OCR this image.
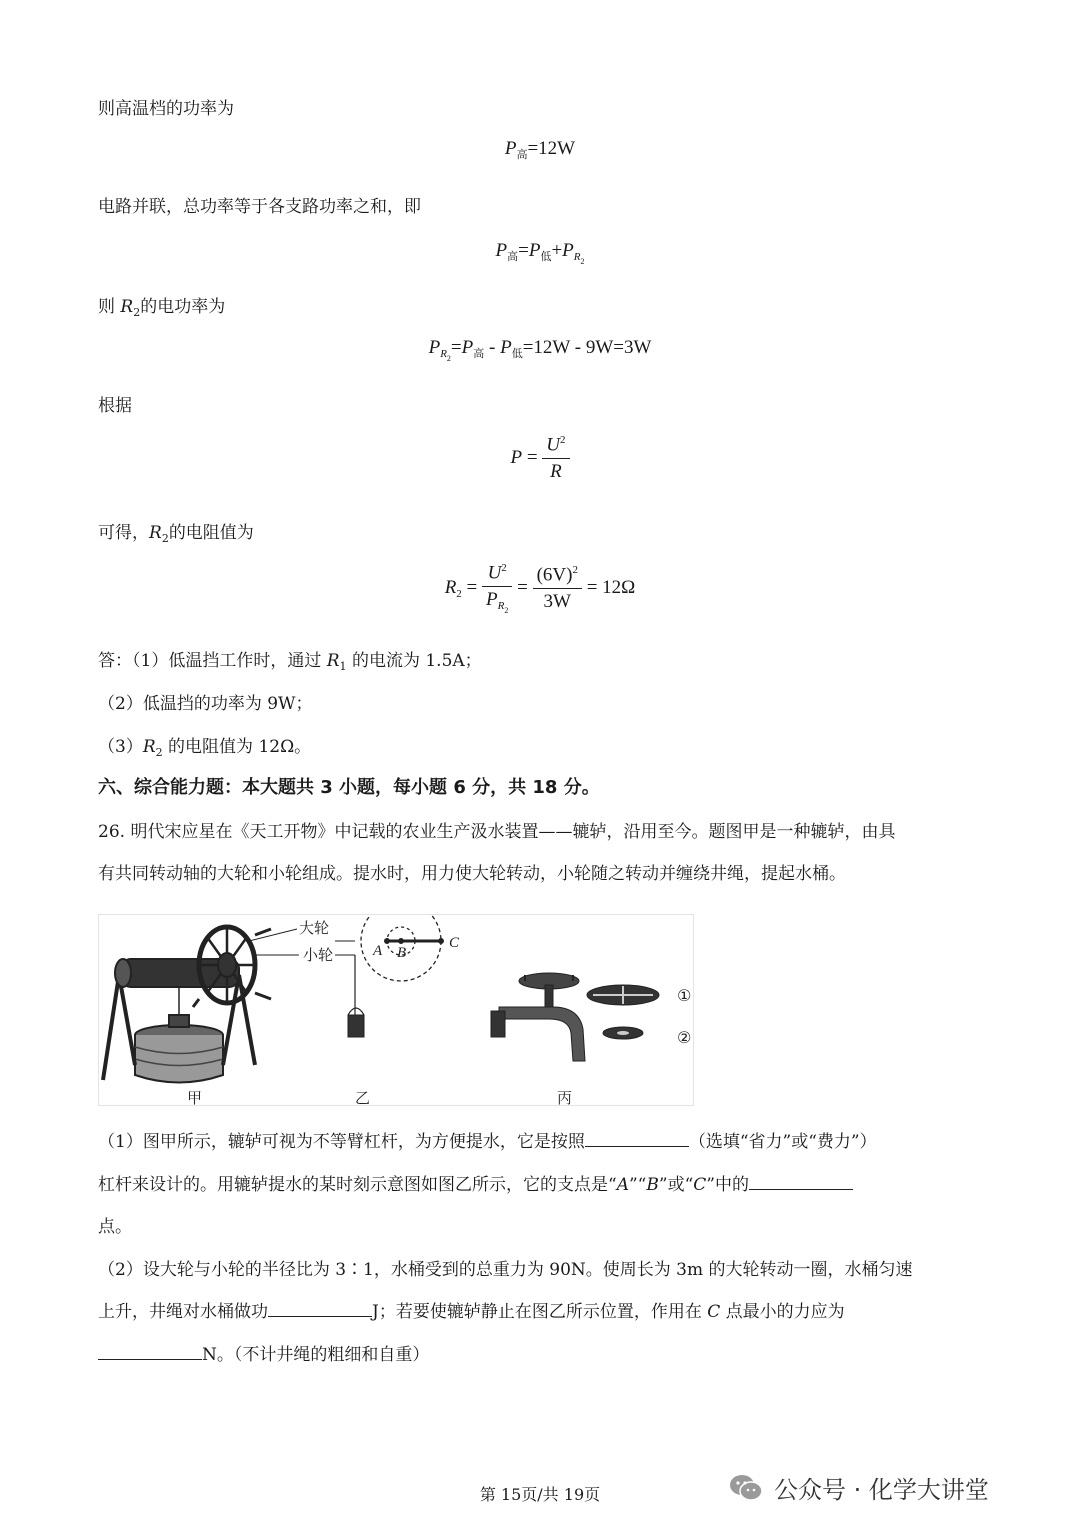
则高温档的功率为
$P_高=12W$
电路并联，总功率等于各支路功率之和，即
$P_高=P_低+P_{R_2}$
则 $R_2$的电功率为
$P_{R_2}=P_高 - P_低=12W - 9W=3W$
根据
$P = \frac{U^2}{R}$
可得，$R_2$的电阻值为
$R_2 = \frac{U^2}{P_{R_2}} = \frac{(6V)^2}{3W} = 12\Omega$
答：（1）低温挡工作时，通过 $R_1$ 的电流为 1.5A；
（2）低温挡的功率为 9W；
$(3)R_2$ 的电阻值为 12Ω。
六、综合能力题：本大题共 3 小题，每小题 6 分，共 18 分。
26. 明代宋应星在《天工开物》中记载的农业生产汲水装置——辘轳，沿用至今。题图甲是一种辘轳，由具
有共同转动轴的大轮和小轮组成。提水时，用力使大轮转动，小轮随之转动并缠绕井绳，提起水桶。
大轮
小轮	A B
C
①
②
甲	乙	丙
（1）图甲所示，辘轳可视为不等臂杠杆，为方便提水，它是按照	（选填“省力”或“费力”）
杠杆来设计的。用辘轳提水的某时刻示意图如图乙所示，它的支点是“A”“B”或“C”中的
点。
（2）设大轮与小轮的半径比为 3∶1，水桶受到的总重力为 90N。使周长为 3m 的大轮转动一圈，水桶匀速
上升，井绳对水桶做功	J；若要使辘轳静止在图乙所示位置，作用在 C 点最小的力应为
N。（不计井绳的粗细和自重）
第 15页/共 19页	公众号 · 化学大讲堂
